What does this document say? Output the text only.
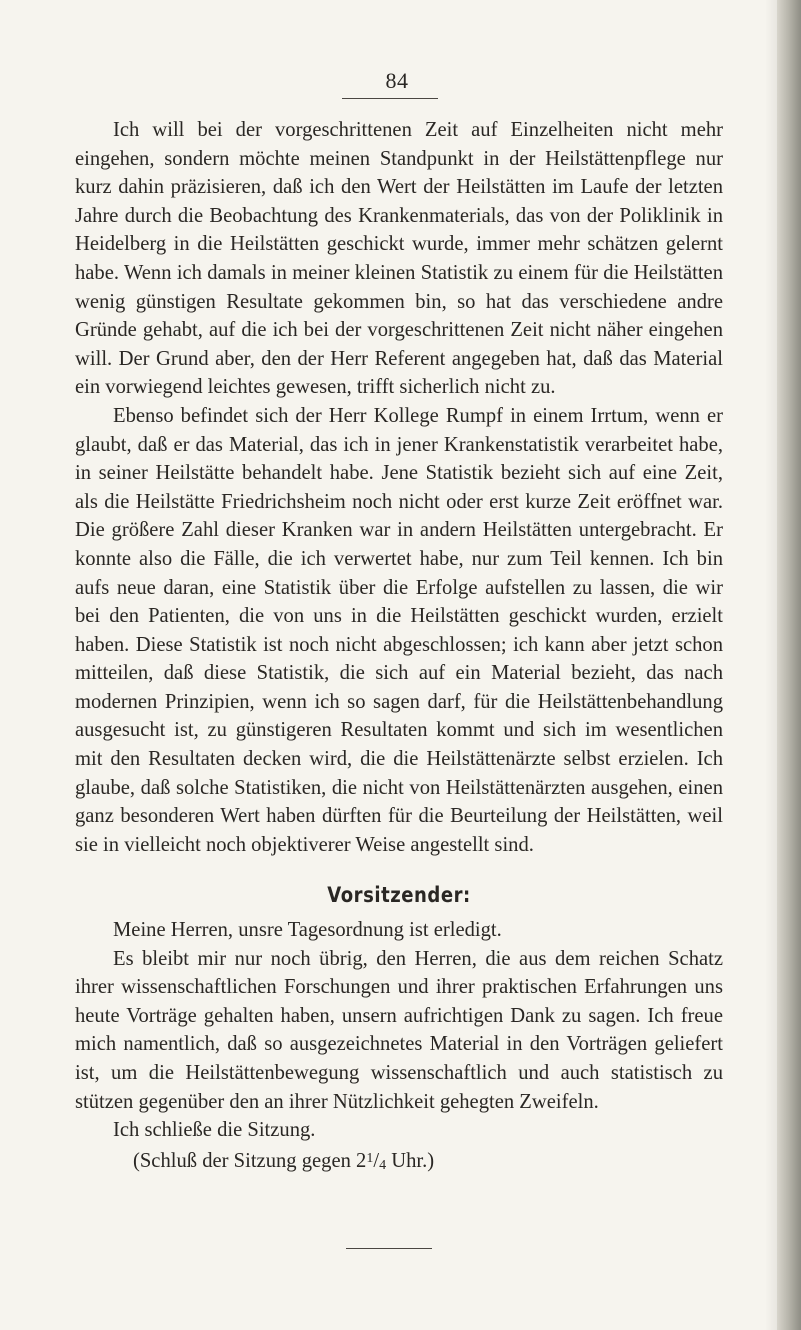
84

Ich will bei der vorgeschrittenen Zeit auf Einzelheiten nicht mehr eingehen, sondern möchte meinen Standpunkt in der Heilstättenpflege nur kurz dahin präzisieren, daß ich den Wert der Heilstätten im Laufe der letzten Jahre durch die Beobachtung des Krankenmaterials, das von der Poliklinik in Heidelberg in die Heilstätten geschickt wurde, immer mehr schätzen gelernt habe. Wenn ich damals in meiner kleinen Statistik zu einem für die Heilstätten wenig günstigen Resultate gekommen bin, so hat das verschiedene andre Gründe gehabt, auf die ich bei der vorgeschrittenen Zeit nicht näher eingehen will. Der Grund aber, den der Herr Referent angegeben hat, daß das Material ein vorwiegend leichtes gewesen, trifft sicherlich nicht zu.

Ebenso befindet sich der Herr Kollege Rumpf in einem Irrtum, wenn er glaubt, daß er das Material, das ich in jener Krankenstatistik verarbeitet habe, in seiner Heilstätte behandelt habe. Jene Statistik bezieht sich auf eine Zeit, als die Heilstätte Friedrichsheim noch nicht oder erst kurze Zeit eröffnet war. Die größere Zahl dieser Kranken war in andern Heilstätten untergebracht. Er konnte also die Fälle, die ich verwertet habe, nur zum Teil kennen. Ich bin aufs neue daran, eine Statistik über die Erfolge aufstellen zu lassen, die wir bei den Patienten, die von uns in die Heilstätten geschickt wurden, erzielt haben. Diese Statistik ist noch nicht abgeschlossen; ich kann aber jetzt schon mitteilen, daß diese Statistik, die sich auf ein Material bezieht, das nach modernen Prinzipien, wenn ich so sagen darf, für die Heilstättenbehandlung ausgesucht ist, zu günstigeren Resultaten kommt und sich im wesentlichen mit den Resultaten decken wird, die die Heilstättenärzte selbst erzielen. Ich glaube, daß solche Statistiken, die nicht von Heilstättenärzten ausgehen, einen ganz besonderen Wert haben dürften für die Beurteilung der Heilstätten, weil sie in vielleicht noch objektiverer Weise angestellt sind.

Vorsitzender:

Meine Herren, unsre Tagesordnung ist erledigt.

Es bleibt mir nur noch übrig, den Herren, die aus dem reichen Schatz ihrer wissenschaftlichen Forschungen und ihrer praktischen Erfahrungen uns heute Vorträge gehalten haben, unsern aufrichtigen Dank zu sagen. Ich freue mich namentlich, daß so ausgezeichnetes Material in den Vorträgen geliefert ist, um die Heilstättenbewegung wissenschaftlich und auch statistisch zu stützen gegenüber den an ihrer Nützlichkeit gehegten Zweifeln.

Ich schließe die Sitzung.

(Schluß der Sitzung gegen $2^1/4$ Uhr.)
